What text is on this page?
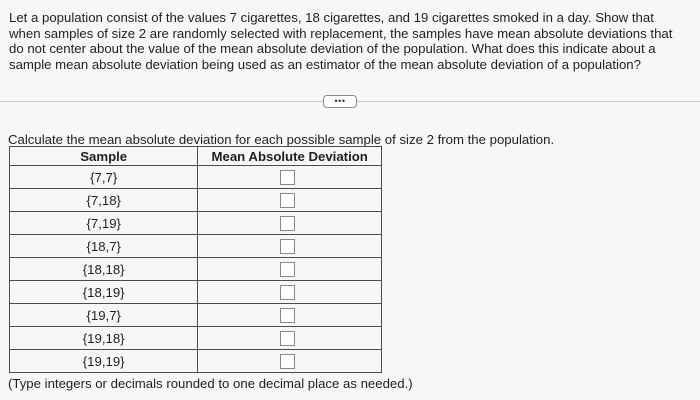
Let a population consist of the values 7 cigarettes, 18 cigarettes, and 19 cigarettes smoked in a day. Show that when samples of size 2 are randomly selected with replacement, the samples have mean absolute deviations that do not center about the value of the mean absolute deviation of the population. What does this indicate about a sample mean absolute deviation being used as an estimator of the mean absolute deviation of a population?
•••
Calculate the mean absolute deviation for each possible sample of size 2 from the population.
Sample	Mean Absolute Deviation
{7,7}	
{7,18}	
{7,19}	
{18,7}	
{18,18}	
{18,19}	
{19,7}	
{19,18}	
{19,19}	
(Type integers or decimals rounded to one decimal place as needed.)
